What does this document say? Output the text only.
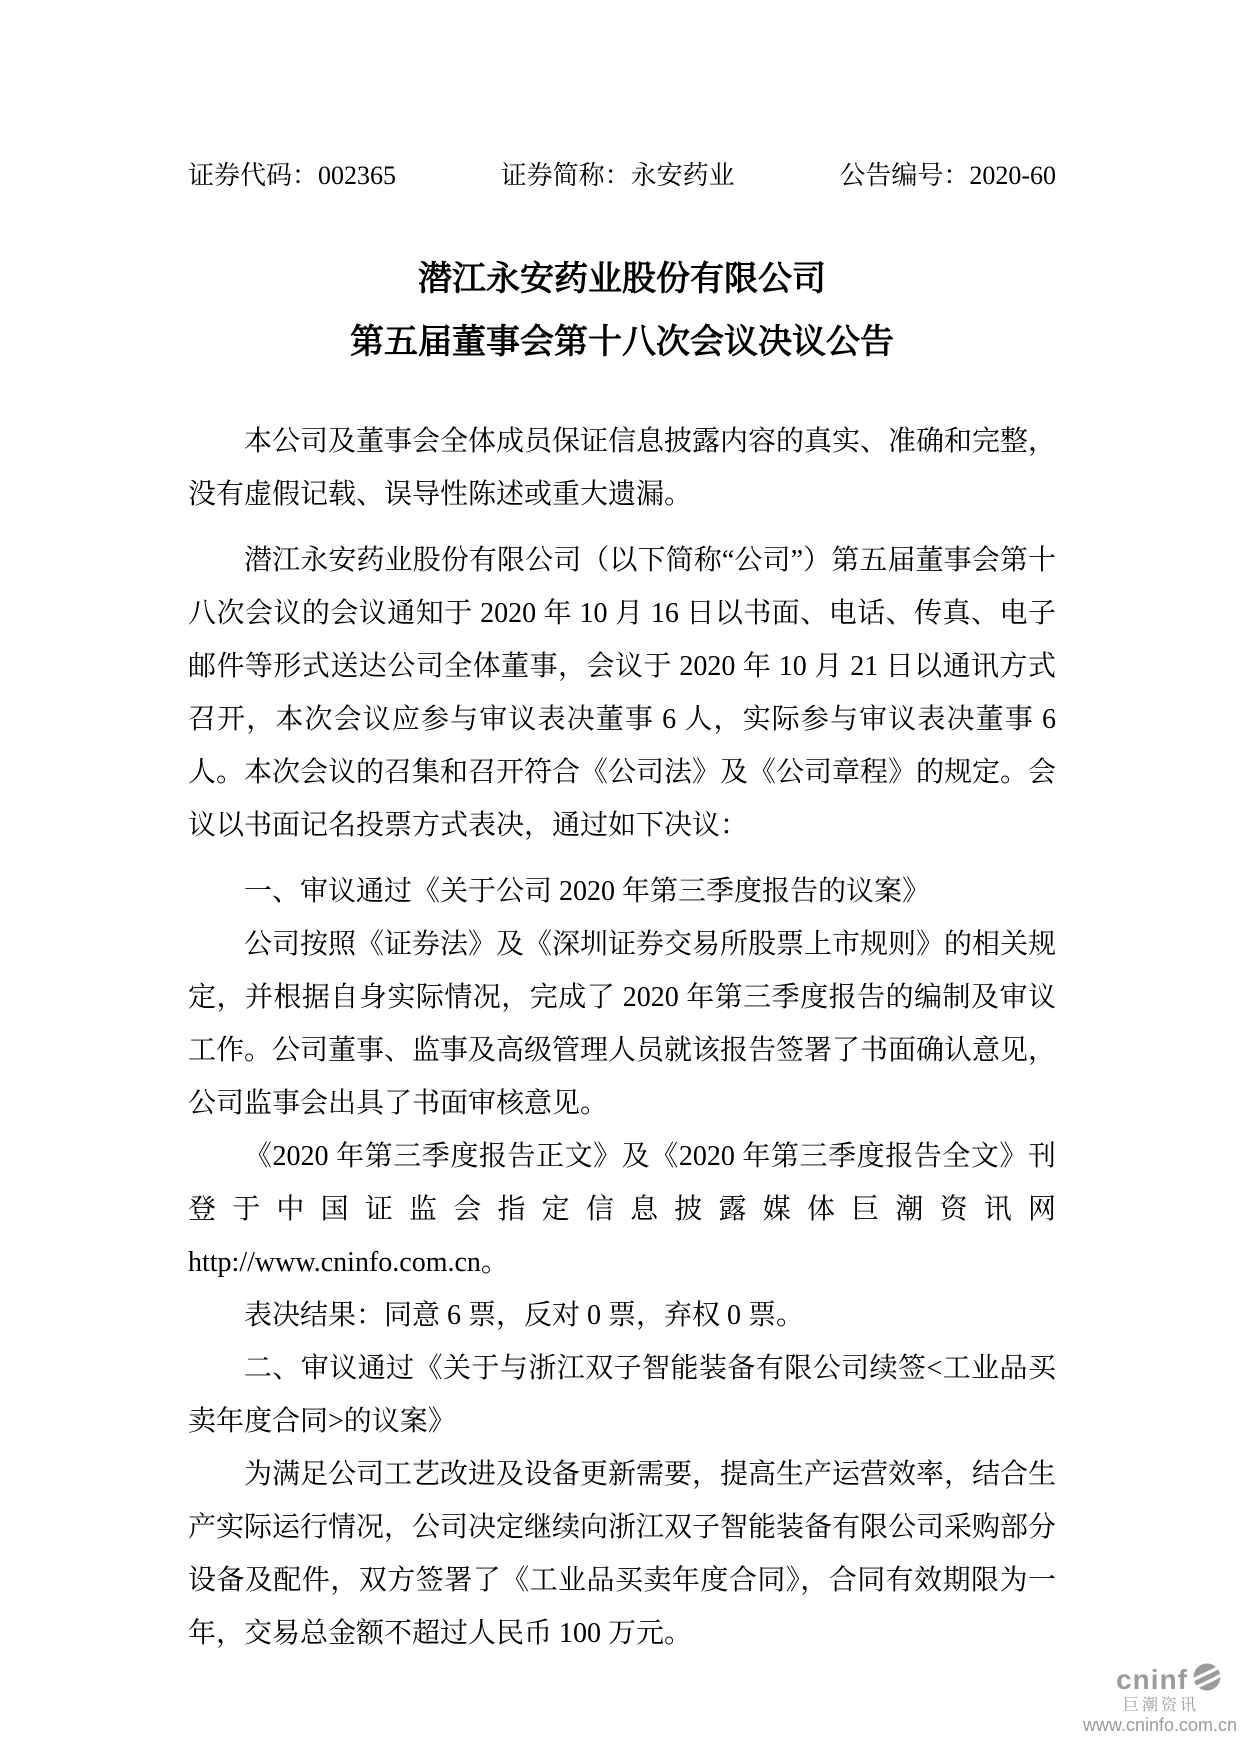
证券代码：002365	证券简称：永安药业	公告编号：2020-60
潜江永安药业股份有限公司
第五届董事会第十八次会议决议公告

本公司及董事会全体成员保证信息披露内容的真实、准确和完整，没有虚假记载、误导性陈述或重大遗漏。

潜江永安药业股份有限公司（以下简称“公司”）第五届董事会第十八次会议的会议通知于 2020 年 10 月 16 日以书面、电话、传真、电子邮件等形式送达公司全体董事，会议于 2020 年 10 月 21 日以通讯方式召开，本次会议应参与审议表决董事 6 人，实际参与审议表决董事 6 人。本次会议的召集和召开符合《公司法》及《公司章程》的规定。会议以书面记名投票方式表决，通过如下决议：

一、审议通过《关于公司 2020 年第三季度报告的议案》

公司按照《证券法》及《深圳证券交易所股票上市规则》的相关规定，并根据自身实际情况，完成了 2020 年第三季度报告的编制及审议工作。公司董事、监事及高级管理人员就该报告签署了书面确认意见，公司监事会出具了书面审核意见。

《2020 年第三季度报告正文》及《2020 年第三季度报告全文》刊登于中国证监会指定信息披露媒体巨潮资讯网 http://www.cninfo.com.cn。

表决结果：同意 6 票，反对 0 票，弃权 0 票。

二、审议通过《关于与浙江双子智能装备有限公司续签<工业品买卖年度合同>的议案》

为满足公司工艺改进及设备更新需要，提高生产运营效率，结合生产实际运行情况，公司决定继续向浙江双子智能装备有限公司采购部分设备及配件，双方签署了《工业品买卖年度合同》，合同有效期限为一年，交易总金额不超过人民币 100 万元。

cninf
巨潮资讯
www.cninfo.com.cn
